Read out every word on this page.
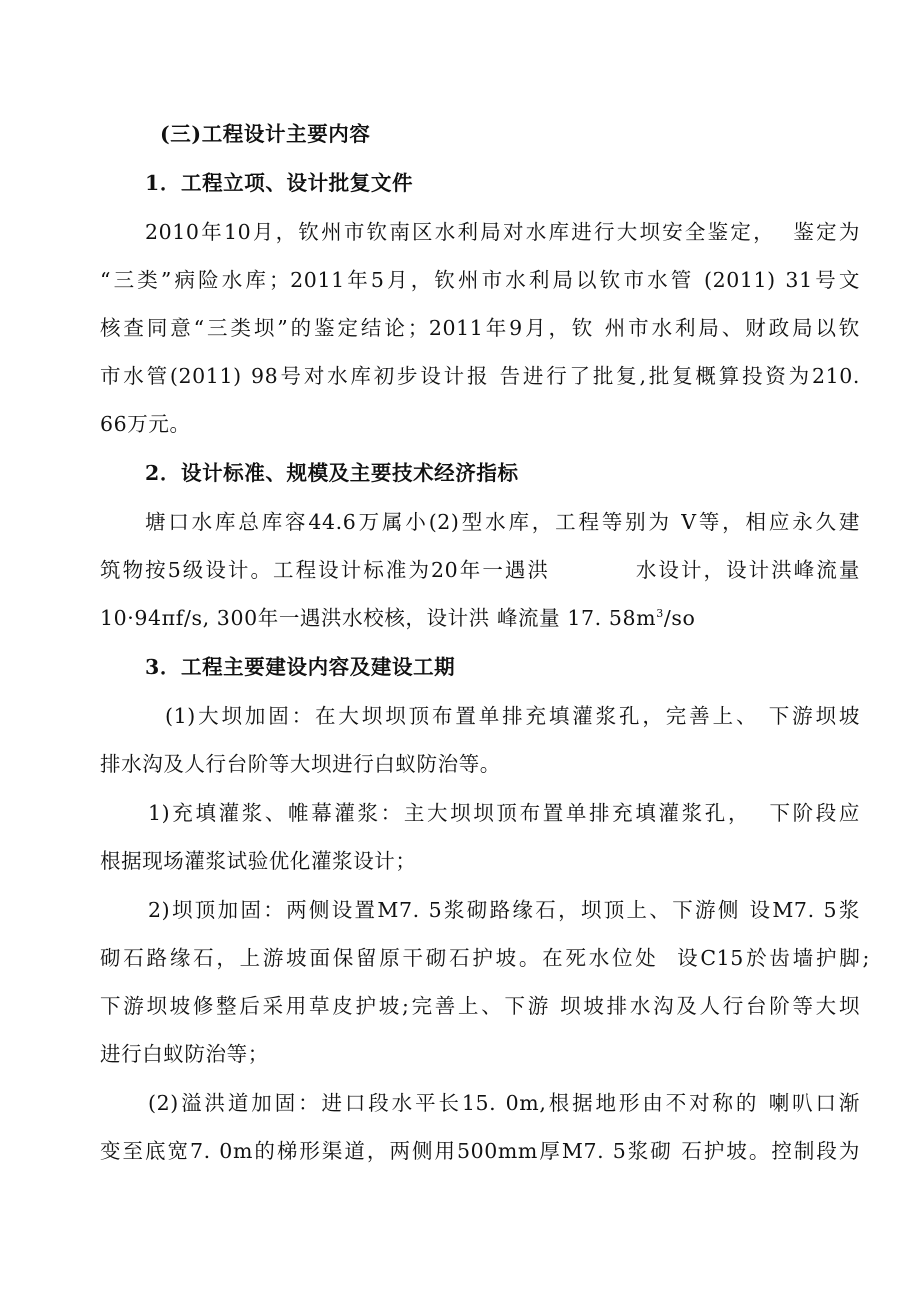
(三)工程设计主要内容
1．工程立项、设计批复文件
2010年10月，钦州市钦南区水利局对水库进行大坝安全鉴定，  鉴定为
“三类”病险水库；2011年5月，钦州市水利局以钦市水管 (2011) 31号文
核查同意“三类坝”的鉴定结论；2011年9月，钦 州市水利局、财政局以钦
市水管(2011) 98号对水库初步设计报 告进行了批复,批复概算投资为210.
66万元。
2．设计标准、规模及主要技术经济指标
塘口水库总库容44.6万属小(2)型水库，工程等别为 V等，相应永久建
筑物按5级设计。工程设计标准为20年一遇洪          水设计，设计洪峰流量
10·94πf/s, 300年一遇洪水校核，设计洪 峰流量 17. $58m^3/so$
3．工程主要建设内容及建设工期
(1)大坝加固：在大坝坝顶布置单排充填灌浆孔，完善上、 下游坝坡
排水沟及人行台阶等大坝进行白蚁防治等。
1)充填灌浆、帷幕灌浆：主大坝坝顶布置单排充填灌浆孔，  下阶段应
根据现场灌浆试验优化灌浆设计；
2)坝顶加固：两侧设置M7. 5浆砌路缘石，坝顶上、下游侧 设M7. 5浆
砌石路缘石，上游坡面保留原干砌石护坡。在死水位处  设C15於齿墙护脚;
下游坝坡修整后采用草皮护坡;完善上、下游 坝坡排水沟及人行台阶等大坝
进行白蚁防治等；
(2)溢洪道加固：进口段水平长15. 0m,根据地形由不对称的 喇叭口渐
变至底宽7. 0m的梯形渠道，两侧用500mm厚M7. 5浆砌 石护坡。控制段为
